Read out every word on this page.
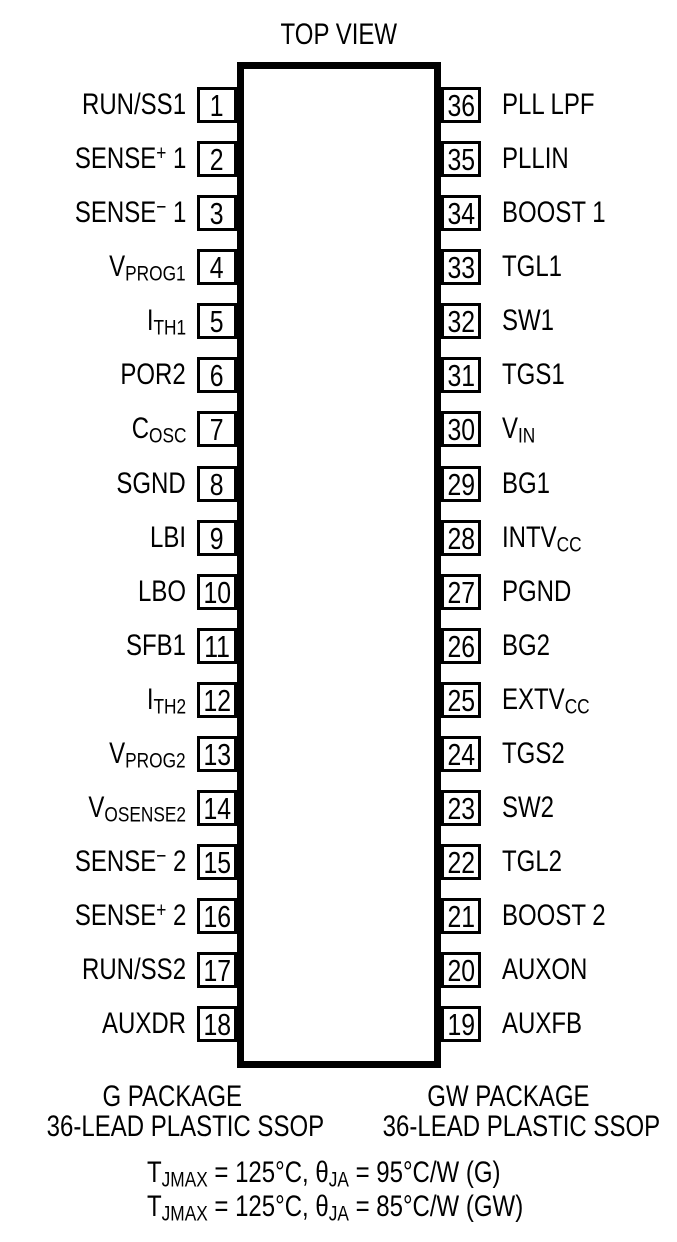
TOP VIEW
RUN/SS1 1
SENSE+ 1 2
SENSE− 1 3
$V_{PROG1}$ 4
$I_{TH1}$ 5
POR2 6
$C_{OSC}$ 7
SGND 8
LBI 9
LBO 10
SFB1 11
$I_{TH2}$ 12
$V_{PROG2}$ 13
$V_{OSENSE2}$ 14
SENSE− 2 15
SENSE+ 2 16
RUN/SS2 17
AUXDR 18
PLL LPF
36
PLLIN
35
BOOST 1
34
TGL1
33
SW1
32
TGS1
31
$V_{IN}$
30
BG1
29
$INTV_{CC}$
28
PGND
27
BG2
26
$EXTV_{CC}$
25
TGS2
24
SW2
23
TGL2
22
BOOST 2
21
AUXON
20
AUXFB
19
G PACKAGE
36-LEAD PLASTIC SSOP
GW PACKAGE
36-LEAD PLASTIC SSOP
$T_{JMAX} = 125^\circ C$, $\theta_{JA} = 95^\circ C/W$ (G)
$T_{JMAX} = 125^\circ C$, $\theta_{JA} = 85^\circ C/W$ (GW)
